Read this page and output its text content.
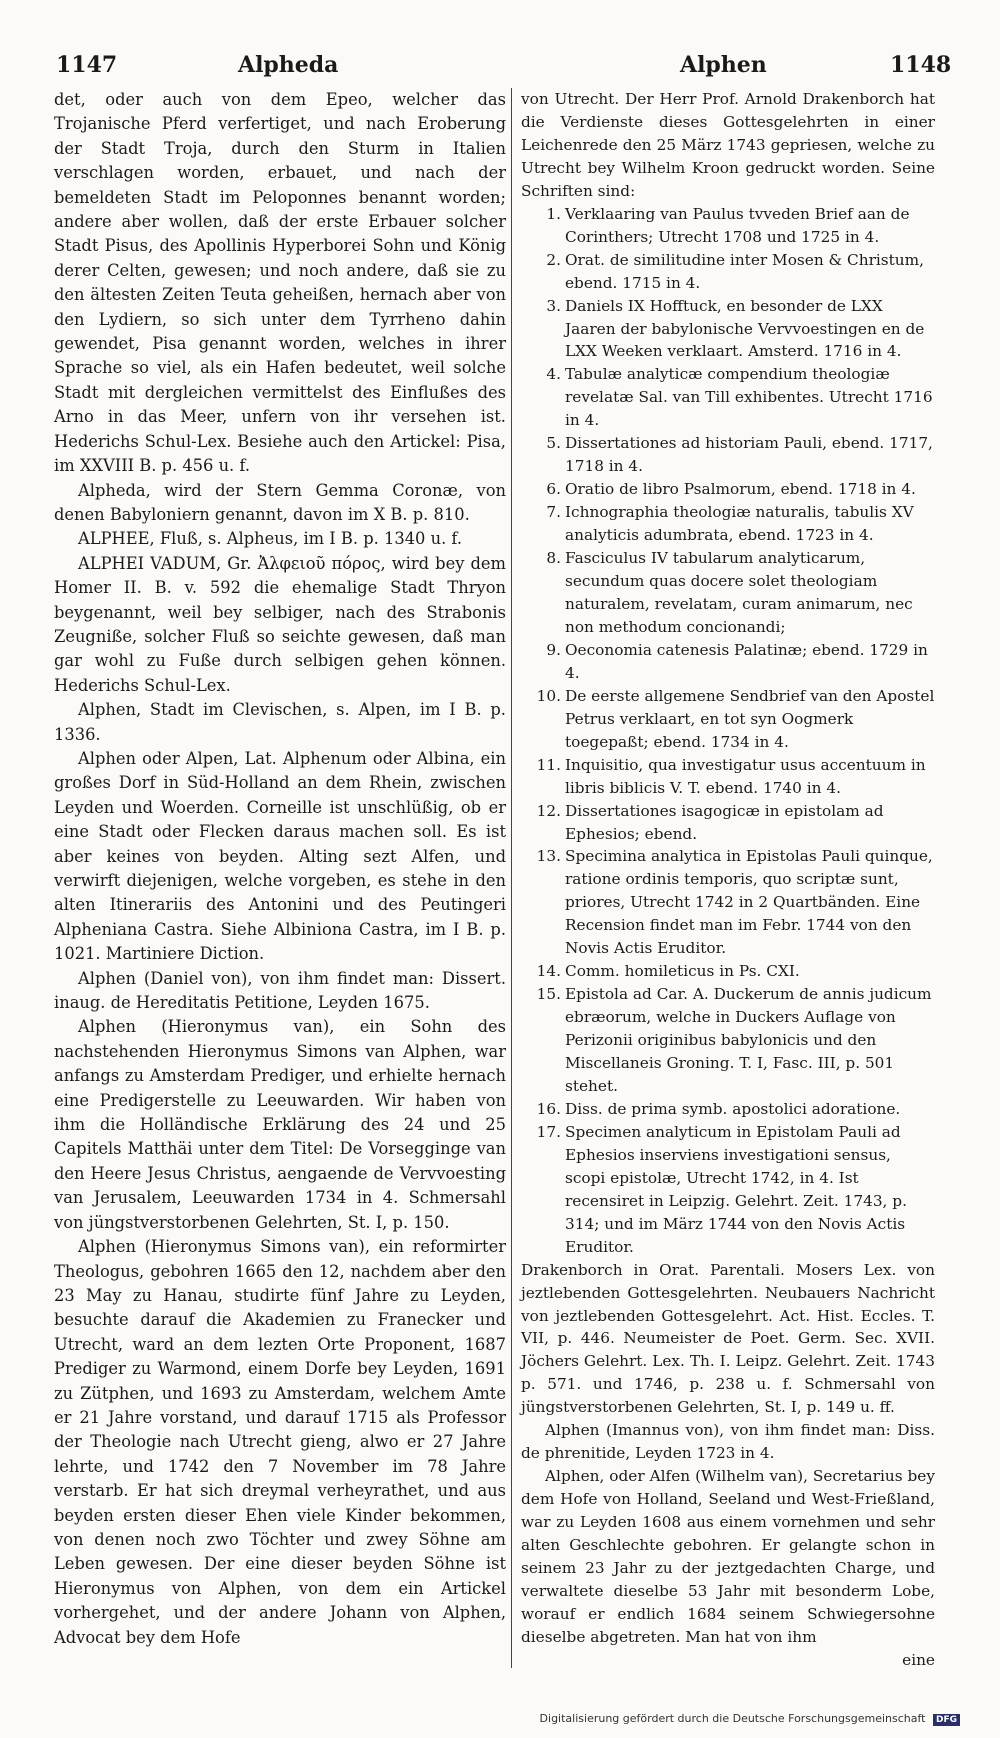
1147	Alpheda	Alphen	1148

det, oder auch von dem Epeo, welcher das Trojanische Pferd verfertiget, und nach Eroberung der Stadt Troja, durch den Sturm in Italien verschlagen worden, erbauet, und nach der bemeldeten Stadt im Peloponnes benannt worden; andere aber wollen, daß der erste Erbauer solcher Stadt Pisus, des Apollinis Hyperborei Sohn und König derer Celten, gewesen; und noch andere, daß sie zu den ältesten Zeiten Teuta geheißen, hernach aber von den Lydiern, so sich unter dem Tyrrheno dahin gewendet, Pisa genannt worden, welches in ihrer Sprache so viel, als ein Hafen bedeutet, weil solche Stadt mit dergleichen vermittelst des Einflußes des Arno in das Meer, unfern von ihr versehen ist. Hederichs Schul-Lex. Besiehe auch den Artickel: Pisa, im XXVIII B. p. 456 u. f.

Alpheda, wird der Stern Gemma Coronæ, von denen Babyloniern genannt, davon im X B. p. 810.

ALPHEE, Fluß, s. Alpheus, im I B. p. 1340 u. f.

ALPHEI VADUM, Gr. Ἀλφειοῦ πόρος, wird bey dem Homer II. B. v. 592 die ehemalige Stadt Thryon beygenannt, weil bey selbiger, nach des Strabonis Zeugniße, solcher Fluß so seichte gewesen, daß man gar wohl zu Fuße durch selbigen gehen können. Hederichs Schul-Lex.

Alphen, Stadt im Clevischen, s. Alpen, im I B. p. 1336.

Alphen oder Alpen, Lat. Alphenum oder Albina, ein großes Dorf in Süd-Holland an dem Rhein, zwischen Leyden und Woerden. Corneille ist unschlüßig, ob er eine Stadt oder Flecken daraus machen soll. Es ist aber keines von beyden. Alting sezt Alfen, und verwirft diejenigen, welche vorgeben, es stehe in den alten Itinerariis des Antonini und des Peutingeri Alpheniana Castra. Siehe Albiniona Castra, im I B. p. 1021. Martiniere Diction.

Alphen (Daniel von), von ihm findet man: Dissert. inaug. de Hereditatis Petitione, Leyden 1675.

Alphen (Hieronymus van), ein Sohn des nachstehenden Hieronymus Simons van Alphen, war anfangs zu Amsterdam Prediger, und erhielte hernach eine Predigerstelle zu Leeuwarden. Wir haben von ihm die Holländische Erklärung des 24 und 25 Capitels Matthäi unter dem Titel: De Vorsegginge van den Heere Jesus Christus, aengaende de Vervvoesting van Jerusalem, Leeuwarden 1734 in 4. Schmersahl von jüngstverstorbenen Gelehrten, St. I, p. 150.

Alphen (Hieronymus Simons van), ein reformirter Theologus, gebohren 1665 den 12, nachdem aber den 23 May zu Hanau, studirte fünf Jahre zu Leyden, besuchte darauf die Akademien zu Franecker und Utrecht, ward an dem lezten Orte Proponent, 1687 Prediger zu Warmond, einem Dorfe bey Leyden, 1691 zu Zütphen, und 1693 zu Amsterdam, welchem Amte er 21 Jahre vorstand, und darauf 1715 als Professor der Theologie nach Utrecht gieng, alwo er 27 Jahre lehrte, und 1742 den 7 November im 78 Jahre verstarb. Er hat sich dreymal verheyrathet, und aus beyden ersten dieser Ehen viele Kinder bekommen, von denen noch zwo Töchter und zwey Söhne am Leben gewesen. Der eine dieser beyden Söhne ist Hieronymus von Alphen, von dem ein Artickel vorhergehet, und der andere Johann von Alphen, Advocat bey dem Hofe

von Utrecht. Der Herr Prof. Arnold Drakenborch hat die Verdienste dieses Gottesgelehrten in einer Leichenrede den 25 März 1743 gepriesen, welche zu Utrecht bey Wilhelm Kroon gedruckt worden. Seine Schriften sind:

1. Verklaaring van Paulus tvveden Brief aan de Corinthers; Utrecht 1708 und 1725 in 4.
2. Orat. de similitudine inter Mosen & Christum, ebend. 1715 in 4.
3. Daniels IX Hofftuck, en besonder de LXX Jaaren der babylonische Vervvoestingen en de LXX Weeken verklaart. Amsterd. 1716 in 4.
4. Tabulæ analyticæ compendium theologiæ revelatæ Sal. van Till exhibentes. Utrecht 1716 in 4.
5. Dissertationes ad historiam Pauli, ebend. 1717, 1718 in 4.
6. Oratio de libro Psalmorum, ebend. 1718 in 4.
7. Ichnographia theologiæ naturalis, tabulis XV analyticis adumbrata, ebend. 1723 in 4.
8. Fasciculus IV tabularum analyticarum, secundum quas docere solet theologiam naturalem, revelatam, curam animarum, nec non methodum concionandi;
9. Oeconomia catenesis Palatinæ; ebend. 1729 in 4.
10. De eerste allgemene Sendbrief van den Apostel Petrus verklaart, en tot syn Oogmerk toegepaßt; ebend. 1734 in 4.
11. Inquisitio, qua investigatur usus accentuum in libris biblicis V. T. ebend. 1740 in 4.
12. Dissertationes isagogicæ in epistolam ad Ephesios; ebend.
13. Specimina analytica in Epistolas Pauli quinque, ratione ordinis temporis, quo scriptæ sunt, priores, Utrecht 1742 in 2 Quartbänden. Eine Recension findet man im Febr. 1744 von den Novis Actis Eruditor.
14. Comm. homileticus in Ps. CXI.
15. Epistola ad Car. A. Duckerum de annis judicum ebræorum, welche in Duckers Auflage von Perizonii originibus babylonicis und den Miscellaneis Groning. T. I, Fasc. III, p. 501 stehet.
16. Diss. de prima symb. apostolici adoratione.
17. Specimen analyticum in Epistolam Pauli ad Ephesios inserviens investigationi sensus, scopi epistolæ, Utrecht 1742, in 4. Ist recensiret in Leipzig. Gelehrt. Zeit. 1743, p. 314; und im März 1744 von den Novis Actis Eruditor.

Drakenborch in Orat. Parentali. Mosers Lex. von jeztlebenden Gottesgelehrten. Neubauers Nachricht von jeztlebenden Gottesgelehrt. Act. Hist. Eccles. T. VII, p. 446. Neumeister de Poet. Germ. Sec. XVII. Jöchers Gelehrt. Lex. Th. I. Leipz. Gelehrt. Zeit. 1743 p. 571. und 1746, p. 238 u. f. Schmersahl von jüngstverstorbenen Gelehrten, St. I, p. 149 u. ff.

Alphen (Imannus von), von ihm findet man: Diss. de phrenitide, Leyden 1723 in 4.

Alphen, oder Alfen (Wilhelm van), Secretarius bey dem Hofe von Holland, Seeland und West-Frießland, war zu Leyden 1608 aus einem vornehmen und sehr alten Geschlechte gebohren. Er gelangte schon in seinem 23 Jahr zu der jeztgedachten Charge, und verwaltete dieselbe 53 Jahr mit besonderm Lobe, worauf er endlich 1684 seinem Schwiegersohne dieselbe abgetreten. Man hat von ihm

eine

Digitalisierung gefördert durch die Deutsche Forschungsgemeinschaft DFG
